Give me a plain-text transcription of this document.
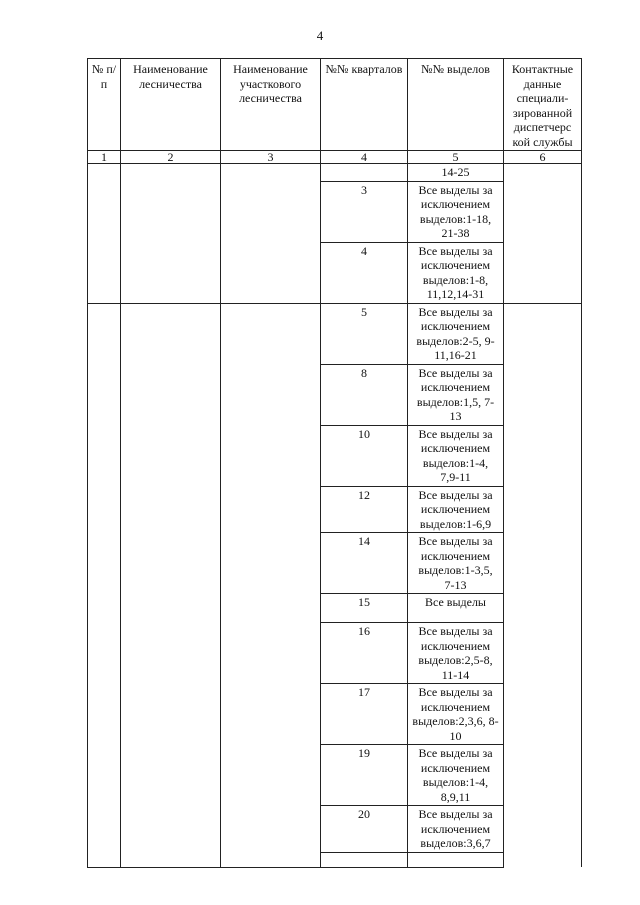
4
№ п/п	Наименование лесничества	Наименование участкового лесничества	№№ кварталов	№№ выделов	Контактные данные специали-зированной диспетчерс кой службы
1	2	3	4	5	6
				14-25	
			3	Все выделы за исключением выделов:1-18, 21-38	
			4	Все выделы за исключением выделов:1-8, 11,12,14-31	
			5	Все выделы за исключением выделов:2-5, 9-11,16-21	
			8	Все выделы за исключением выделов:1,5, 7-13	
			10	Все выделы за исключением выделов:1-4, 7,9-11	
			12	Все выделы за исключением выделов:1-6,9	
			14	Все выделы за исключением выделов:1-3,5, 7-13	
			15	Все выделы	
			16	Все выделы за исключением выделов:2,5-8, 11-14	
			17	Все выделы за исключением выделов:2,3,6, 8-10	
			19	Все выделы за исключением выделов:1-4, 8,9,11	
			20	Все выделы за исключением выделов:3,6,7	
